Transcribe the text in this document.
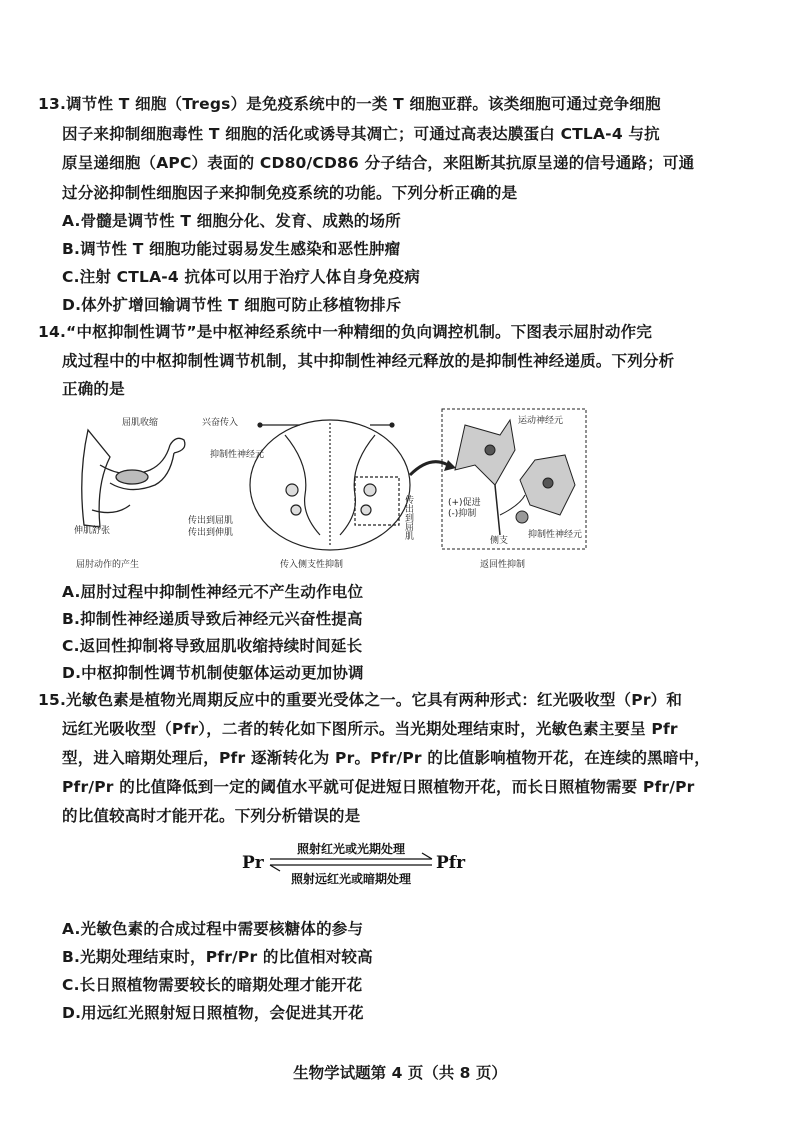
13.调节性 T 细胞（Tregs）是免疫系统中的一类 T 细胞亚群。该类细胞可通过竞争细胞
因子来抑制细胞毒性 T 细胞的活化或诱导其凋亡；可通过高表达膜蛋白 CTLA-4 与抗
原呈递细胞（APC）表面的 CD80/CD86 分子结合，来阻断其抗原呈递的信号通路；可通
过分泌抑制性细胞因子来抑制免疫系统的功能。下列分析正确的是
A.骨髓是调节性 T 细胞分化、发育、成熟的场所
B.调节性 T 细胞功能过弱易发生感染和恶性肿瘤
C.注射 CTLA-4 抗体可以用于治疗人体自身免疫病
D.体外扩增回输调节性 T 细胞可防止移植物排斥
14.“中枢抑制性调节”是中枢神经系统中一种精细的负向调控机制。下图表示屈肘动作完
成过程中的中枢抑制性调节机制，其中抑制性神经元释放的是抑制性神经递质。下列分析
正确的是
屈肌收缩
伸肌舒张
屈肘动作的产生
兴奋传入
抑制性神经元
传出到屈肌
传出到伸肌	传出到屈肌
传入侧支性抑制
运动神经元
(+)促进
(-)抑制
侧支
抑制性神经元
返回性抑制
A.屈肘过程中抑制性神经元不产生动作电位
B.抑制性神经递质导致后神经元兴奋性提高
C.返回性抑制将导致屈肌收缩持续时间延长
D.中枢抑制性调节机制使躯体运动更加协调
15.光敏色素是植物光周期反应中的重要光受体之一。它具有两种形式：红光吸收型（Pr）和
远红光吸收型（Pfr），二者的转化如下图所示。当光期处理结束时，光敏色素主要呈 Pfr
型，进入暗期处理后，Pfr 逐渐转化为 Pr。Pfr/Pr 的比值影响植物开花，在连续的黑暗中，
Pfr/Pr 的比值降低到一定的阈值水平就可促进短日照植物开花，而长日照植物需要 Pfr/Pr
的比值较高时才能开花。下列分析错误的是
Pr	Pfr
照射红光或光期处理
照射远红光或暗期处理
A.光敏色素的合成过程中需要核糖体的参与
B.光期处理结束时，Pfr/Pr 的比值相对较高
C.长日照植物需要较长的暗期处理才能开花
D.用远红光照射短日照植物，会促进其开花
生物学试题第 4 页（共 8 页）
